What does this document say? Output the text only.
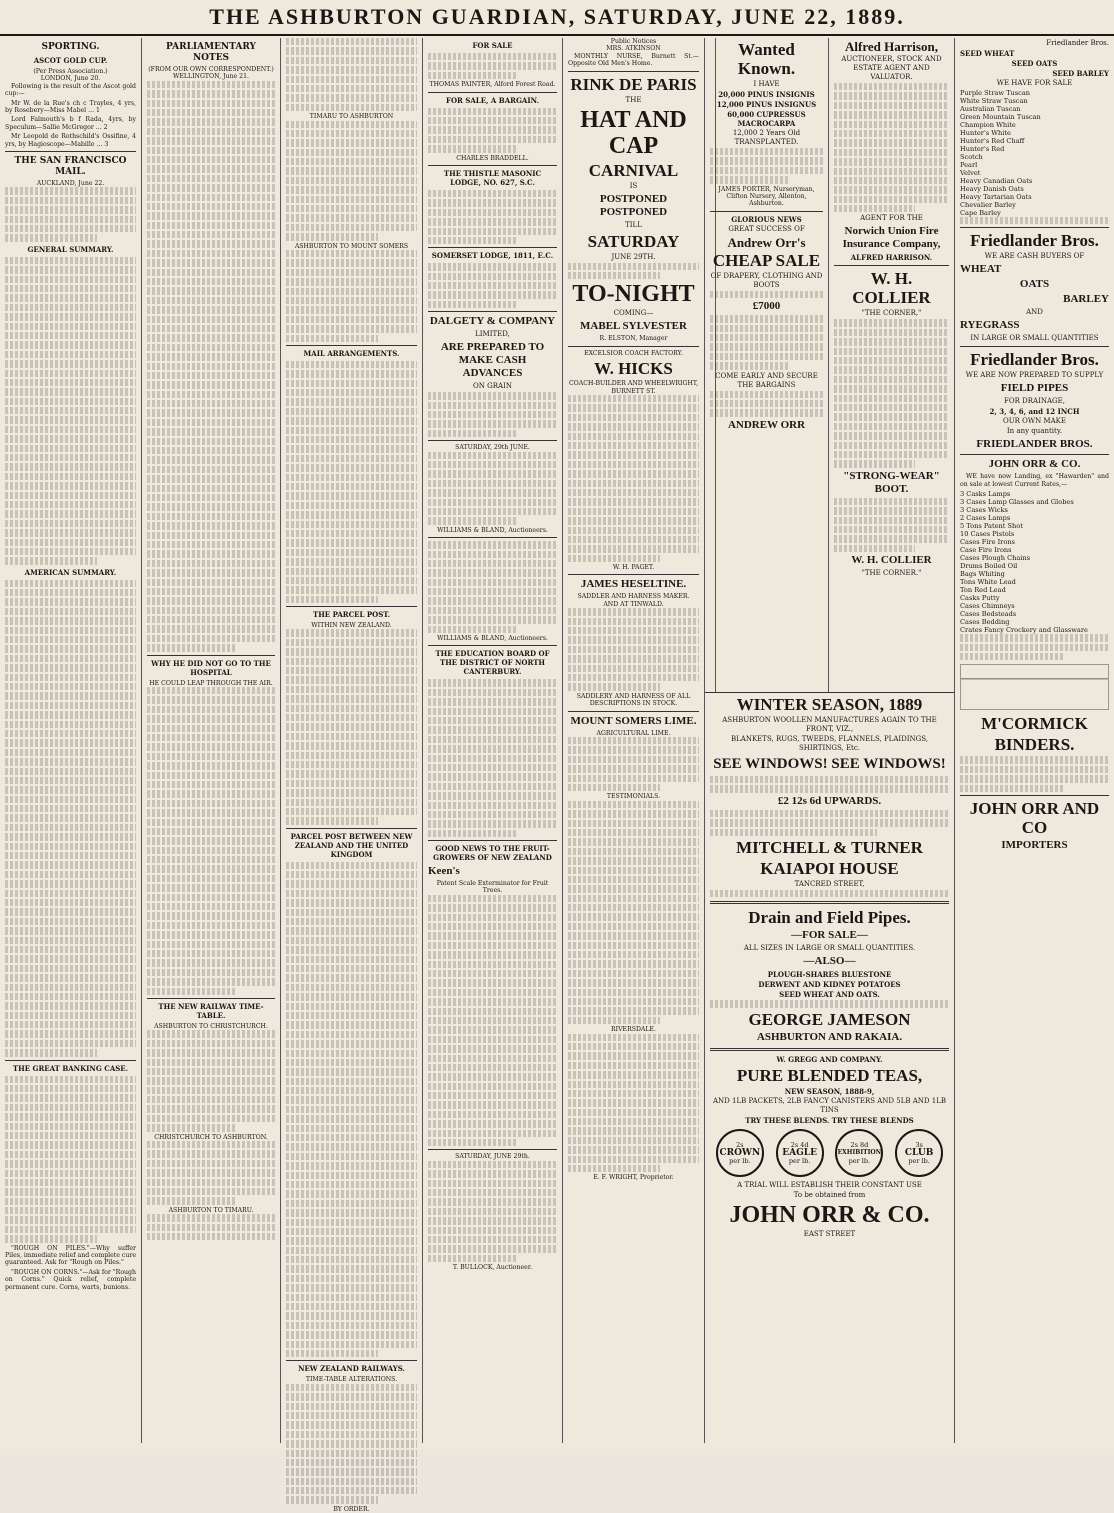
THE ASHBURTON GUARDIAN, SATURDAY, JUNE 22, 1889.
SPORTING.
ASCOT GOLD CUP.
(Per Press Association.)
LONDON, June 20.
Following is the result of the Ascot gold cup:—
Mr W. de la Rue's ch c Trayles, 4 yrs, by Rosebery—Miss Mabel ... 1
Lord Falmouth's b f Rada, 4yrs, by Speculum—Sallie McGregor ... 2
Mr Leopold de Rothschild's Ossifine, 4 yrs, by Hagioscope—Mabille ... 3
THE SAN FRANCISCO MAIL.
AUCKLAND, June 22.
GENERAL SUMMARY.
AMERICAN SUMMARY.
THE GREAT BANKING CASE.
"ROUGH ON PILES."—Why suffer Piles, immediate relief and complete cure guaranteed. Ask for "Rough on Piles."
"ROUGH ON CORNS."—Ask for "Rough on Corns." Quick relief, complete permanent cure. Corns, warts, bunions.
PARLIAMENTARY NOTES
(FROM OUR OWN CORRESPONDENT.)
WELLINGTON, June 21.
WHY HE DID NOT GO TO THE HOSPITAL
HE COULD LEAP THROUGH THE AIR.
THE NEW RAILWAY TIME-TABLE.
ASHBURTON TO CHRISTCHURCH.
CHRISTCHURCH TO ASHBURTON.
ASHBURTON TO TIMARU.
TIMARU TO ASHBURTON
ASHBURTON TO MOUNT SOMERS
MAIL ARRANGEMENTS.
THE PARCEL POST.
WITHIN NEW ZEALAND.
PARCEL POST BETWEEN NEW ZEALAND AND THE UNITED KINGDOM
NEW ZEALAND RAILWAYS.
TIME-TABLE ALTERATIONS.
BY ORDER.
FOR SALE
THOMAS PAINTER, Alford Forest Road.
FOR SALE, A BARGAIN.
CHARLES BRADDELL.
THE THISTLE MASONIC LODGE, NO. 627, S.C.
SOMERSET LODGE, 1811, E.C.
DALGETY & COMPANY
LIMITED,
ARE PREPARED TO MAKE CASH ADVANCES
ON GRAIN
SATURDAY, 29th JUNE.
WILLIAMS & BLAND, Auctioneers.
WILLIAMS & BLAND, Auctioneers.
THE EDUCATION BOARD OF THE DISTRICT OF NORTH CANTERBURY.
GOOD NEWS TO THE FRUIT-GROWERS OF NEW ZEALAND
Keen's
Patent Scale Exterminator for Fruit Trees.
SATURDAY, JUNE 29th.
T. BULLOCK, Auctioneer.
Public Notices
MRS. ATKINSON
MONTHLY NURSE, Burnett St.—Opposite Old Men's Home.
RINK DE PARIS
THE
HAT AND CAP
CARNIVAL
IS
POSTPONED POSTPONED
TILL
SATURDAY
JUNE 29TH.
TO-NIGHT
COMING—
MABEL SYLVESTER
R. ELSTON, Manager
EXCELSIOR COACH FACTORY.
W. HICKS
COACH-BUILDER AND WHEELWRIGHT, BURNETT ST.
W. H. PAGET.
JAMES HESELTINE.
SADDLER AND HARNESS MAKER.
AND AT TINWALD.
SADDLERY AND HARNESS OF ALL DESCRIPTIONS IN STOCK.
MOUNT SOMERS LIME.
AGRICULTURAL LIME.
TESTIMONIALS.
RIVERSDALE.
E. F. WRIGHT, Proprietor.
Wanted Known.
I HAVE
20,000 PINUS INSIGNIS
12,000 PINUS INSIGNUS
60,000 CUPRESSUS MACROCARPA
12,000 2 Years Old TRANSPLANTED.
JAMES PORTER, Nurseryman, Clifton Nursery, Allenton, Ashburton.
GLORIOUS NEWS
GREAT SUCCESS OF
Andrew Orr's
CHEAP SALE
OF DRAPERY, CLOTHING AND BOOTS
£7000
COME EARLY AND SECURE THE BARGAINS
ANDREW ORR
Alfred Harrison,
AUCTIONEER, STOCK AND ESTATE AGENT AND VALUATOR.
AGENT FOR THE
Norwich Union Fire Insurance Company,
ALFRED HARRISON.
W. H. COLLIER
"THE CORNER,"
"STRONG-WEAR" BOOT.
W. H. COLLIER
"THE CORNER."
WINTER SEASON, 1889
ASHBURTON WOOLLEN MANUFACTURES AGAIN TO THE FRONT, VIZ.,
BLANKETS, RUGS, TWEEDS, FLANNELS, PLAIDINGS, SHIRTINGS, Etc.
SEE WINDOWS! SEE WINDOWS!
£2 12s 6d UPWARDS.
MITCHELL & TURNER
KAIAPOI HOUSE
TANCRED STREET,
Drain and Field Pipes.
—FOR SALE—
ALL SIZES IN LARGE OR SMALL QUANTITIES.
—ALSO—
PLOUGH-SHARES BLUESTONE
DERWENT AND KIDNEY POTATOES
SEED WHEAT AND OATS.
GEORGE JAMESON
ASHBURTON AND RAKAIA.
W. GREGG AND COMPANY.
PURE BLENDED TEAS,
NEW SEASON, 1888-9,
AND 1LB PACKETS, 2LB FANCY CANISTERS AND 5LB AND 1LB TINS
TRY THESE BLENDS. TRY THESE BLENDS
2s
CROWN
per lb.
2s 4d
EAGLE
per lb.
2s 8d
EXHIBITION
per lb.
3s
CLUB
per lb.
A TRIAL WILL ESTABLISH THEIR CONSTANT USE
To be obtained from
JOHN ORR & CO.
EAST STREET
Friedlander Bros.
SEED WHEAT
SEED OATS
SEED BARLEY
WE HAVE FOR SALE
Purple Straw Tuscan
White Straw Tuscan
Australian Tuscan
Green Mountain Tuscan
Champion White
Hunter's White
Hunter's Red Chaff
Hunter's Red
Scotch
Pearl
Velvet
Heavy Canadian Oats
Heavy Danish Oats
Heavy Tartarian Oats
Chevalier Barley
Cape Barley
Friedlander Bros.
WE ARE CASH BUYERS OF
WHEAT
OATS
BARLEY
AND
RYEGRASS
IN LARGE OR SMALL QUANTITIES
Friedlander Bros.
WE ARE NOW PREPARED TO SUPPLY
FIELD PIPES
FOR DRAINAGE,
2, 3, 4, 6, and 12 INCH
OUR OWN MAKE
In any quantity.
FRIEDLANDER BROS.
JOHN ORR & CO.
WE have now Landing, ex "Hawarden" and on sale at lowest Current Rates,—
3 Casks Lamps
3 Cases Lamp Glasses and Globes
3 Cases Wicks
2 Cases Lamps
5 Tons Patent Shot
10 Cases Pistols
Cases Fire Irons
Case Fire Irons
Cases Plough Chains
Drums Boiled Oil
Bags Whiting
Tons White Lead
Ton Red Lead
Casks Putty
Cases Chimneys
Cases Bedsteads
Cases Bedding
Crates Fancy Crockery and Glassware
M'CORMICK
BINDERS.
JOHN ORR AND CO
IMPORTERS
